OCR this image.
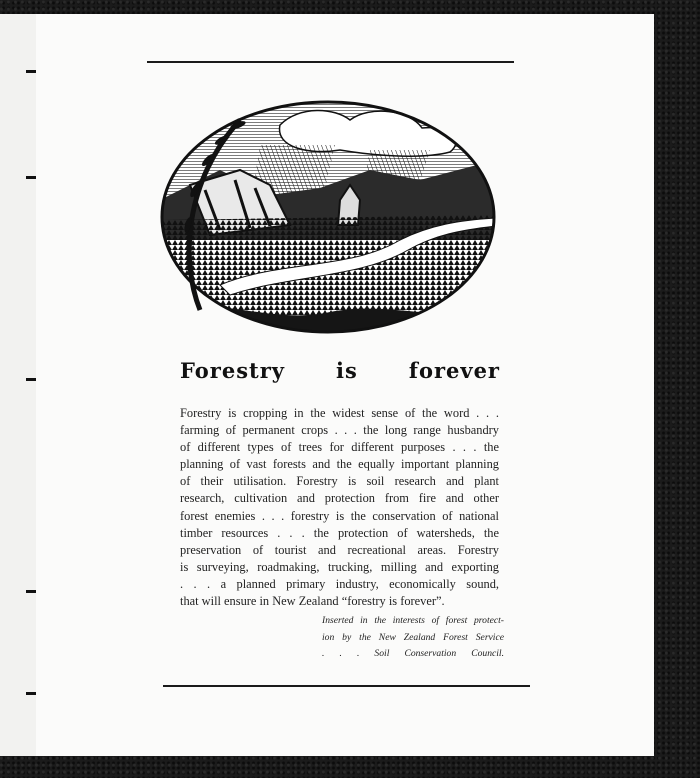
Forestry is forever
Forestry is cropping in the widest sense of the word . . .
farming of permanent crops . . . the long range husbandry
of different types of trees for different purposes . . . the
planning of vast forests and the equally important planning
of their utilisation. Forestry is soil research and plant
research, cultivation and protection from fire and other
forest enemies . . . forestry is the conservation of national
timber resources . . . the protection of watersheds, the
preservation of tourist and recreational areas. Forestry
is surveying, roadmaking, trucking, milling and exporting
. . . a planned primary industry, economically sound,
that will ensure in New Zealand “forestry is forever”.
Inserted in the interests of forest protect-
ion by the New Zealand Forest Service
. . . Soil Conservation Council.
